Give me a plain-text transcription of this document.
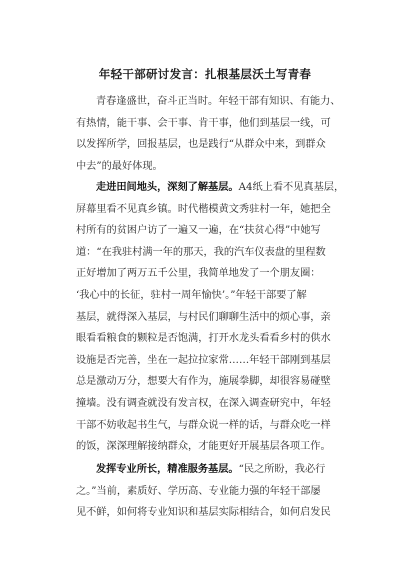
年轻干部研讨发言：扎根基层沃土写青春
青春逢盛世，奋斗正当时。年轻干部有知识、有能力、
有热情，能干事、会干事、肯干事，他们到基层一线，可
以发挥所学，回报基层，也是践行“从群众中来，到群众
中去”的最好体现。
走进田间地头，深刻了解基层。A4纸上看不见真基层，
屏幕里看不见真乡镇。时代楷模黄文秀驻村一年，她把全
村所有的贫困户访了一遍又一遍，在“扶贫心得”中她写
道：“在我驻村满一年的那天，我的汽车仪表盘的里程数
正好增加了两万五千公里，我简单地发了一个朋友圈：
‘我心中的长征，驻村一周年愉快’。”年轻干部要了解
基层，就得深入基层，与村民们聊聊生活中的烦心事，亲
眼看看粮食的颗粒是否饱满，打开水龙头看看乡村的供水
设施是否完善，坐在一起拉拉家常……年轻干部刚到基层
总是激动万分，想要大有作为，施展拳脚，却很容易碰壁
撞墙。没有调查就没有发言权，在深入调查研究中，年轻
干部不妨收起书生气，与群众说一样的话，与群众吃一样
的饭，深深理解接纳群众，才能更好开展基层各项工作。
发挥专业所长，精准服务基层。“民之所盼，我必行
之。”当前，素质好、学历高、专业能力强的年轻干部屡
见不鲜，如何将专业知识和基层实际相结合，如何启发民
